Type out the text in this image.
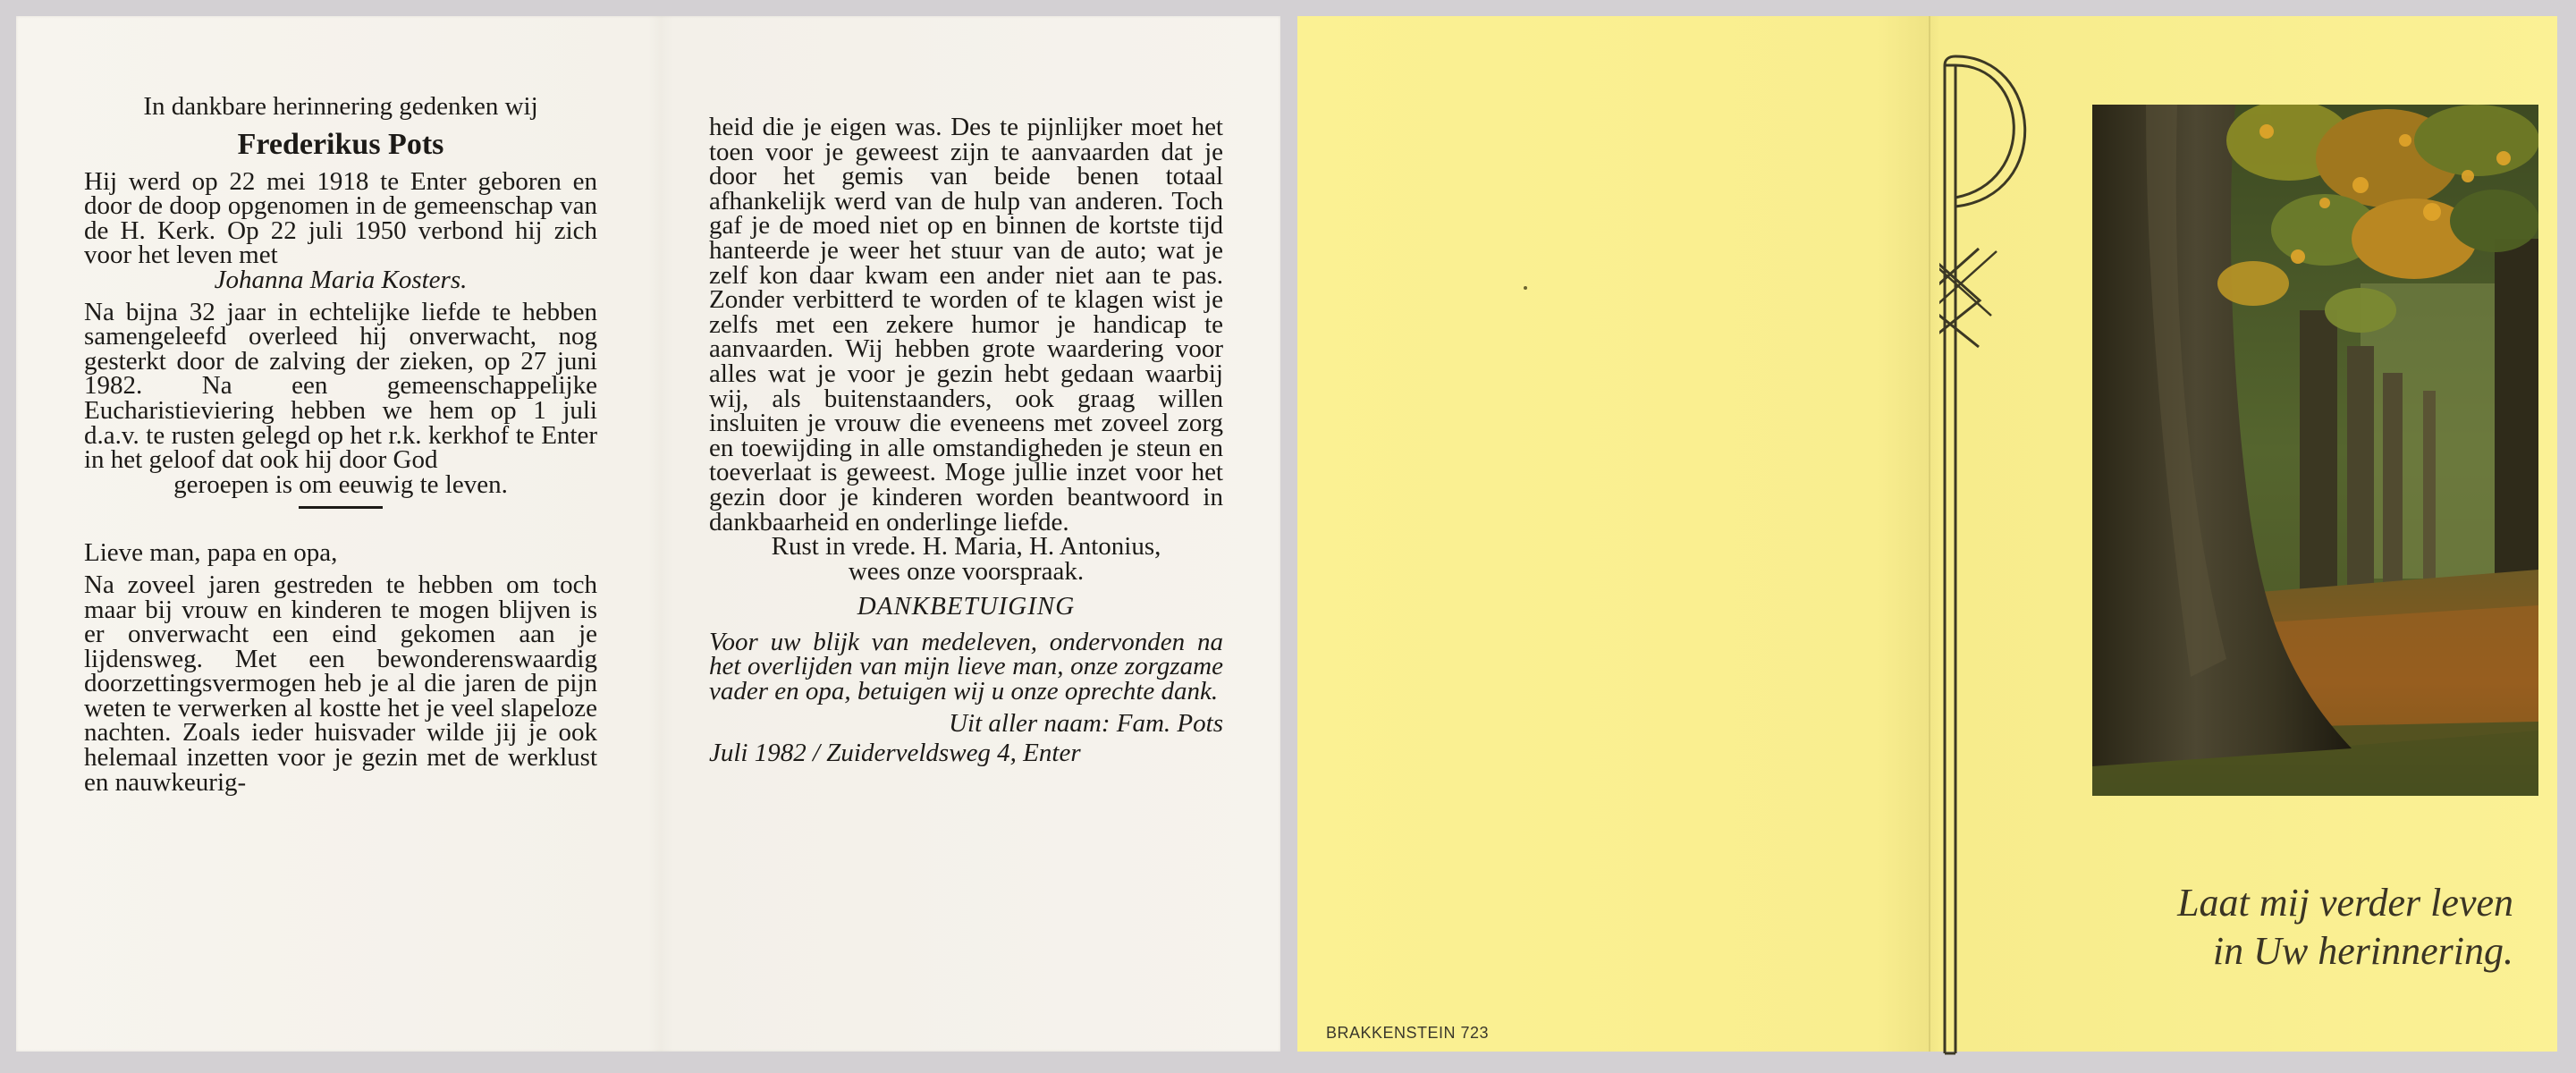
In dankbare herinnering gedenken wij
Frederikus Pots
Hij werd op 22 mei 1918 te Enter geboren en door de doop opgenomen in de gemeenschap van de H. Kerk. Op 22 juli 1950 verbond hij zich voor het leven met
Johanna Maria Kosters.
Na bijna 32 jaar in echtelijke liefde te hebben samengeleefd overleed hij onverwacht, nog gesterkt door de zalving der zieken, op 27 juni 1982. Na een gemeenschappelijke Eucharistieviering hebben we hem op 1 juli d.a.v. te rusten gelegd op het r.k. kerkhof te Enter in het geloof dat ook hij door God
geroepen is om eeuwig te leven.
Lieve man, papa en opa,
Na zoveel jaren gestreden te hebben om toch maar bij vrouw en kinderen te mogen blijven is er onverwacht een eind gekomen aan je lijdensweg. Met een bewonderenswaardig doorzettingsvermogen heb je al die jaren de pijn weten te verwerken al kostte het je veel slapeloze nachten. Zoals ieder huisvader wilde jij je ook helemaal inzetten voor je gezin met de werklust en nauwkeurig-
heid die je eigen was. Des te pijnlijker moet het toen voor je geweest zijn te aanvaarden dat je door het gemis van beide benen totaal afhankelijk werd van de hulp van anderen. Toch gaf je de moed niet op en binnen de kortste tijd hanteerde je weer het stuur van de auto; wat je zelf kon daar kwam een ander niet aan te pas. Zonder verbitterd te worden of te klagen wist je zelfs met een zekere humor je handicap te aanvaarden. Wij hebben grote waardering voor alles wat je voor je gezin hebt gedaan waarbij wij, als buitenstaanders, ook graag willen insluiten je vrouw die eveneens met zoveel zorg en toewijding in alle omstandigheden je steun en toeverlaat is geweest. Moge jullie inzet voor het gezin door je kinderen worden beantwoord in dankbaarheid en onderlinge liefde.
Rust in vrede. H. Maria, H. Antonius,
wees onze voorspraak.
DANKBETUIGING
Voor uw blijk van medeleven, ondervonden na het overlijden van mijn lieve man, onze zorgzame vader en opa, betuigen wij u onze oprechte dank.
Uit aller naam: Fam. Pots
Juli 1982 / Zuiderveldsweg 4, Enter
Laat mij verder leven
in Uw herinnering.
BRAKKENSTEIN 723
